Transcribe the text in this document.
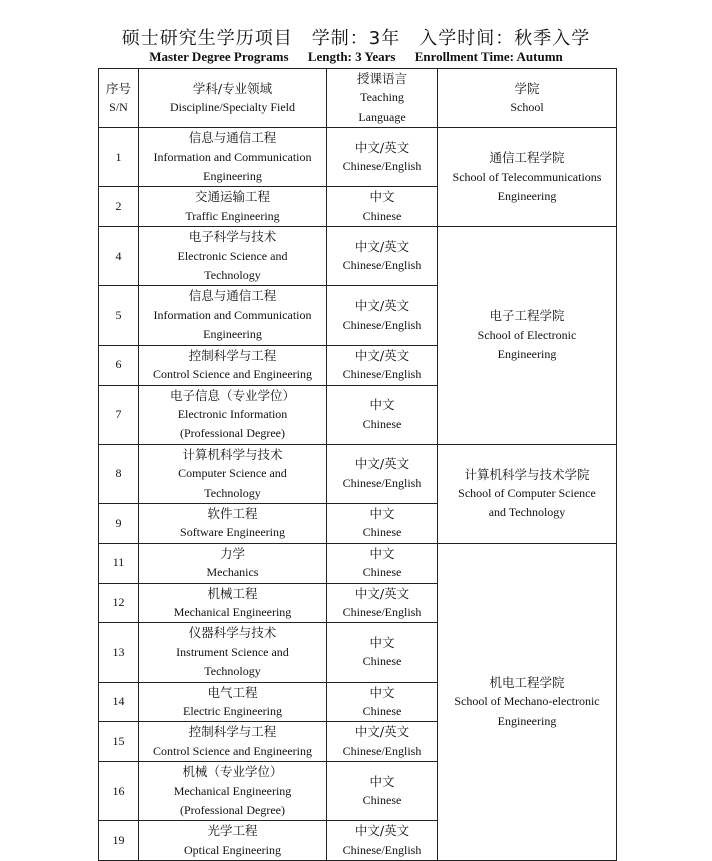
硕士研究生学历项目　学制：3年　入学时间：秋季入学
Master Degree Programs Length: 3 Years Enrollment Time: Autumn
序号
S/N	学科/专业领域
Discipline/Specialty Field	授课语言
Teaching
Language	学院
School	

1	信息与通信工程
Information and Communication
Engineering	中文/英文
Chinese/English	通信工程学院
School of Telecommunications
Engineering	

2	交通运输工程
Traffic Engineering	中文
Chinese		

4	电子科学与技术
Electronic Science and
Technology	中文/英文
Chinese/English	电子工程学院
School of Electronic
Engineering	

5	信息与通信工程
Information and Communication
Engineering	中文/英文
Chinese/English		

6	控制科学与工程
Control Science and Engineering	中文/英文
Chinese/English		

7	电子信息（专业学位）
Electronic Information
(Professional Degree)	中文
Chinese		

8	计算机科学与技术
Computer Science and
Technology	中文/英文
Chinese/English	计算机科学与技术学院
School of Computer Science
and Technology	

9	软件工程
Software Engineering	中文
Chinese		

11	力学
Mechanics	中文
Chinese	机电工程学院
School of Mechano-electronic
Engineering	

12	机械工程
Mechanical Engineering	中文/英文
Chinese/English		

13	仪器科学与技术
Instrument Science and
Technology	中文
Chinese		

14	电气工程
Electric Engineering	中文
Chinese		

15	控制科学与工程
Control Science and Engineering	中文/英文
Chinese/English		

16	机械（专业学位）
Mechanical Engineering
(Professional Degree)	中文
Chinese		

19	光学工程
Optical Engineering	中文/英文
Chinese/English		
